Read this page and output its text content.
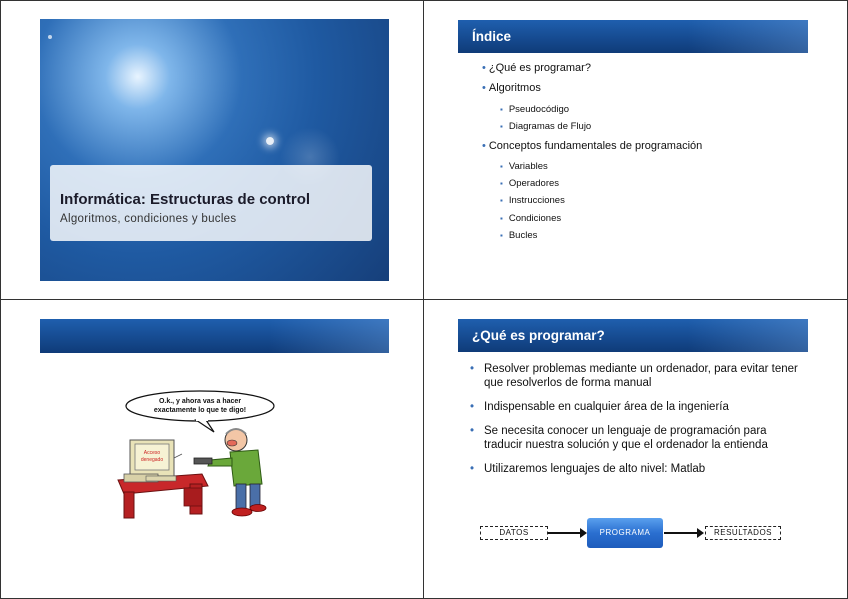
Informática: Estructuras de control
Algoritmos, condiciones y bucles
Índice
• ¿Qué es programar?
• Algoritmos
▪ Pseudocódigo
▪ Diagramas de Flujo
• Conceptos fundamentales de programación
▪ Variables
▪ Operadores
▪ Instrucciones
▪ Condiciones
▪ Bucles
O.k., y ahora vas a hacer
exactamente lo que te digo!
Acceso
denegado
¿Qué es programar?
• Resolver problemas mediante un ordenador, para evitar tener que resolverlos de forma manual
• Indispensable en cualquier área de la ingeniería
• Se necesita conocer un lenguaje de programación para traducir nuestra solución y que el ordenador la entienda
• Utilizaremos lenguajes de alto nivel: Matlab
DATOS	PROGRAMA	RESULTADOS
